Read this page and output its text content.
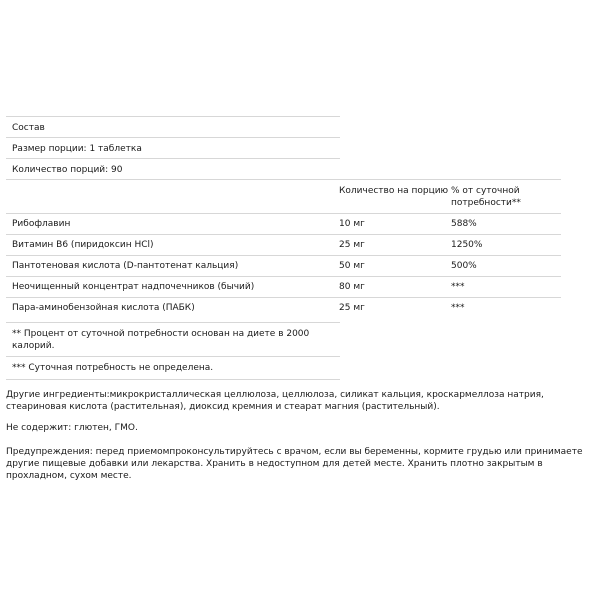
Состав
Размер порции: 1 таблетка
Количество порций: 90
Количество на порцию % от суточной потребности**
Рибофлавин	10 мг	588%
Витамин В6 (пиридоксин HCl)	25 мг	1250%
Пантотеновая кислота (D-пантотенат кальция)	50 мг	500%
Неочищенный концентрат надпочечников (бычий)	80 мг	***
Пара-аминобензойная кислота (ПАБК)	25 мг	***
** Процент от суточной потребности основан на диете в 2000 калорий.
*** Суточная потребность не определена.
Другие ингредиенты:микрокристаллическая целлюлоза, целлюлоза, силикат кальция, кроскармеллоза натрия, стеариновая кислота (растительная), диоксид кремния и стеарат магния (растительный).
Не содержит: глютен, ГМО.
Предупреждения: перед приемомпроконсультируйтесь с врачом, если вы беременны, кормите грудью или принимаете другие пищевые добавки или лекарства. Хранить в недоступном для детей месте. Хранить плотно закрытым в прохладном, сухом месте.
